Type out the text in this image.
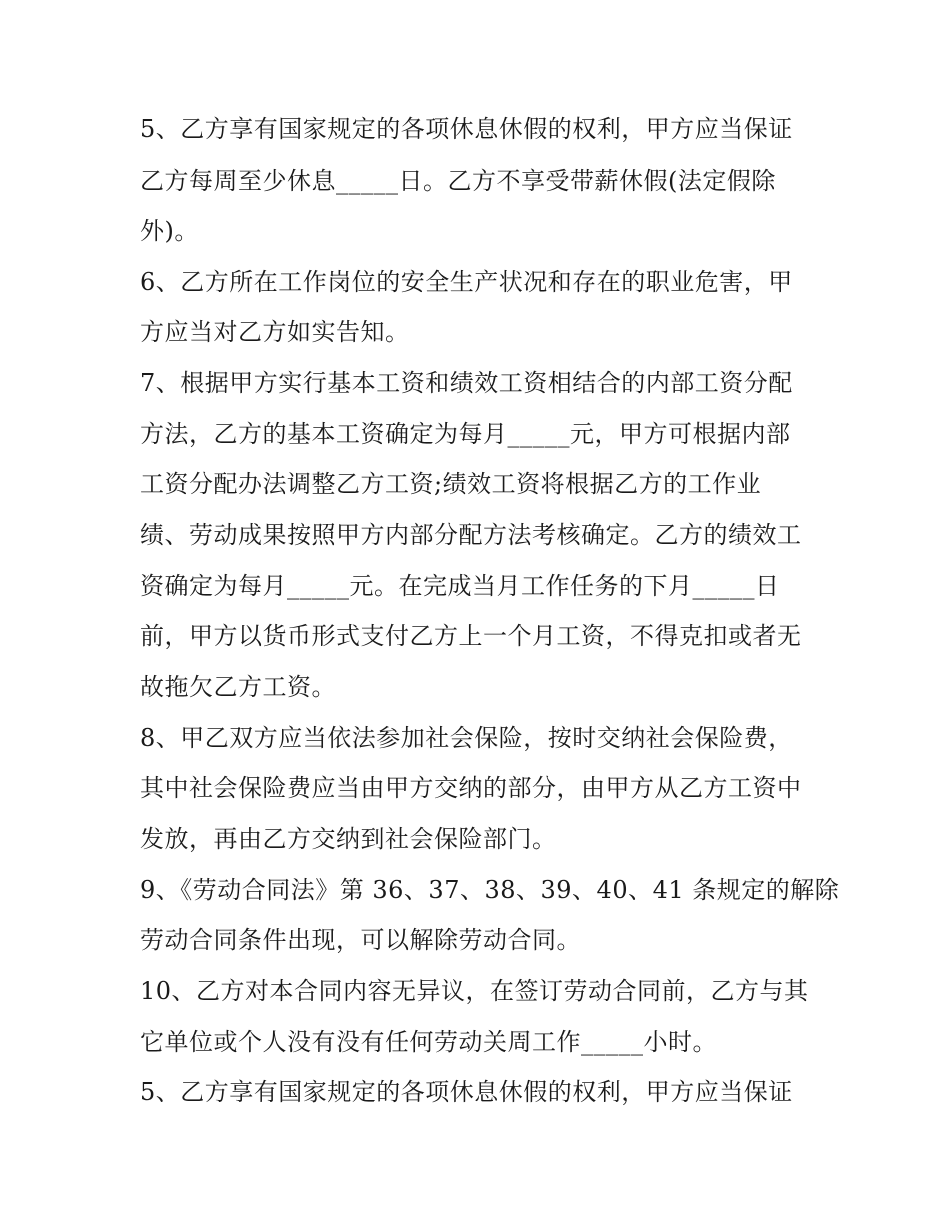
5、乙方享有国家规定的各项休息休假的权利，甲方应当保证
乙方每周至少休息_____日。乙方不享受带薪休假(法定假除
外)。
6、乙方所在工作岗位的安全生产状况和存在的职业危害，甲
方应当对乙方如实告知。
7、根据甲方实行基本工资和绩效工资相结合的内部工资分配
方法，乙方的基本工资确定为每月_____元，甲方可根据内部
工资分配办法调整乙方工资;绩效工资将根据乙方的工作业
绩、劳动成果按照甲方内部分配方法考核确定。乙方的绩效工
资确定为每月_____元。在完成当月工作任务的下月_____日
前，甲方以货币形式支付乙方上一个月工资，不得克扣或者无
故拖欠乙方工资。
8、甲乙双方应当依法参加社会保险，按时交纳社会保险费，
其中社会保险费应当由甲方交纳的部分，由甲方从乙方工资中
发放，再由乙方交纳到社会保险部门。
9、《劳动合同法》第 36、37、38、39、40、41 条规定的解除
劳动合同条件出现，可以解除劳动合同。
10、乙方对本合同内容无异议，在签订劳动合同前，乙方与其
它单位或个人没有没有任何劳动关周工作_____小时。
5、乙方享有国家规定的各项休息休假的权利，甲方应当保证
